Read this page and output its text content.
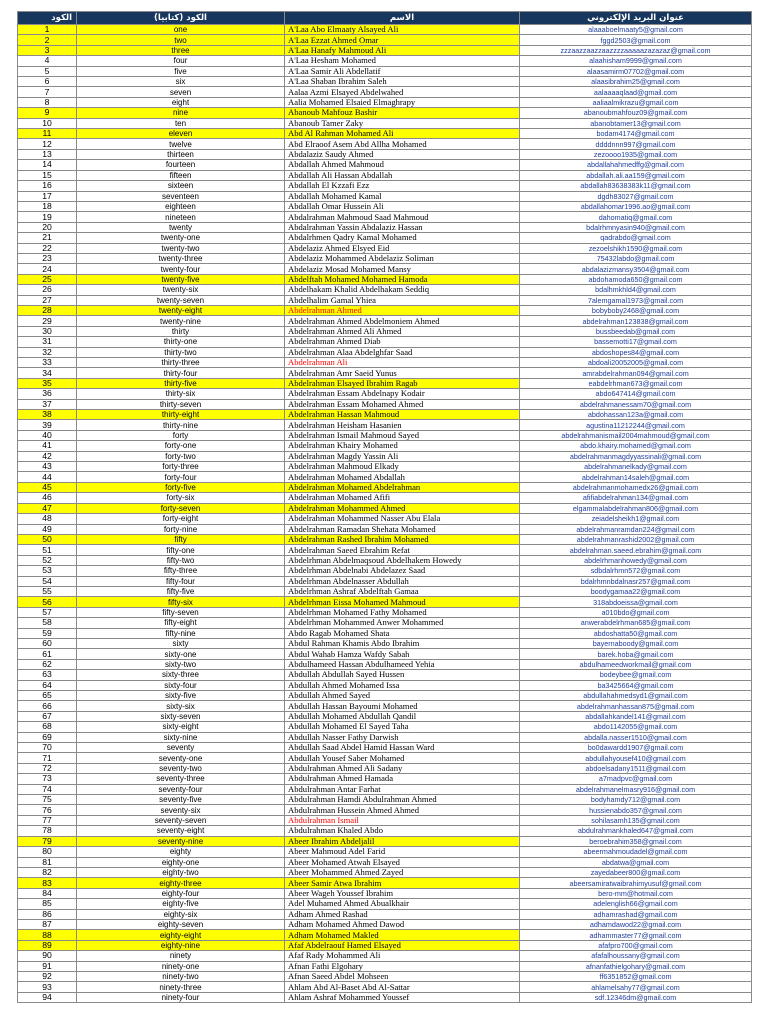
الكود	الكود (كتابيا)	الاسم	عنوان البريد الإلكتروني
1	one	A'Laa Abo Elmaaty Alsayed Ali	alaaaboelmaaty5@gmail.com
2	two	A'Laa Ezzat Ahmed Omar	fggd2503@gmail.com
3	three	A'Laa Hanafy Mahmoud Ali	zzzaazzaazzaazzzzaaaaazazazaz@gmail.com
4	four	A'Laa Hesham Mohamed	alaahisham9999@gmail.com
5	five	A'Laa Samir Ali Abdellatif	alaasamirm07702@gmail.com
6	six	A'Laa Shaban Ibrahim Saleh	alaasibrahim25@gmail.com
7	seven	Aalaa Azmi Elsayed Abdelwahed	aalaaaaqlaad@gmail.com
8	eight	Aalia Mohamed Elsaied Elmaghrapy	aaliaalmikrazu@gmail.com
9	nine	Abanoub Mahfouz Bashir	abanoubmahfouz09@gmail.com
10	ten	Abanoub Tamer Zaky	abanobtamer13@gmail.com
11	eleven	Abd Al Rahman Mohamed Ali	bodam4174@gmail.com
12	twelve	Abd Elraoof Asem Abd Allha Mohamed	ddddnnn997@gmail.com
13	thirteen	Abdalaziz Saudy Ahmed	zezoooo1935@gmail.com
14	fourteen	Abdallah Ahmed Mahmoud	abdallahahmedffg@gmail.com
15	fifteen	Abdallah Ali Hassan Abdallah	abdallah.ali.aa159@gmail.com
16	sixteen	Abdallah El Kzzafi Ezz	abdallah83638383k11@gmail.com
17	seventeen	Abdallah Mohamed Kamal	dgdh83027@gmail.com
18	eighteen	Abdallah Omar Hussein Ali	abdallahomar1996.ao@gmail.com
19	nineteen	Abdalrahman Mahmoud Saad Mahmoud	dahomatiq@gmail.com
20	twenty	Abdalrahman Yassin Abdalaziz Hassan	bdalrhmnyasin940@gmail.com
21	twenty-one	Abdalrhmen Qadry Kamal Mohamed	qadrabdo@gmail.com
22	twenty-two	Abdelaziz Ahmed Elsyed Eid	zezoelshikh1590@gmail.com
23	twenty-three	Abdelaziz Mohammed Abdelaziz Soliman	75432labdo@gmail.com
24	twenty-four	Abdelaziz Mosad Mohamed Mansy	abdalazizmansy3504@gmail.com
25	twenty-five	Abdelftah Mohamed Mohamed Hamoda	abdohamoda650@gmail.com
26	twenty-six	Abdelhakam Khalid Abdelhakam Seddiq	bdalhmkhld4@gmail.com
27	twenty-seven	Abdelhalim Gamal Yhiea	7alemgamal1973@gmail.com
28	twenty-eight	Abdelrahman Ahmed	bobyboby2468@gmail.com
29	twenty-nine	Abdelrahman Ahmed Abdelmoniem Ahmed	abdelrahman123838@gmail.com
30	thirty	Abdelrahman Ahmed Ali Ahmed	bussbeedab@gmail.com
31	thirty-one	Abdelrahman Ahmed Diab	bassemotti17@gmail.com
32	thirty-two	Abdelrahman Alaa Abdelghfar Saad	abdoshopes84@gmail.com
33	thirty-three	Abdelrahman Ali	abdoali20052005@gmail.com
34	thirty-four	Abdelrahman Amr Saeid Yunus	amrabdelrahman094@gmail.com
35	thirty-five	Abdelrahman Elsayed Ibrahim Ragab	eabdelrhman673@gmail.com
36	thirty-six	Abdelrahman Essam Abdelnapy Kodair	abdo647414@gmail.com
37	thirty-seven	Abdelrahman Essam Mohamed Ahmed	abdelrahmanessam70@gmail.com
38	thirty-eight	Abdelrahman Hassan Mahmoud	abdohassan123a@gmail.com
39	thirty-nine	Abdelrahman Heisham Hasanien	agustina11212244@gmail.com
40	forty	Abdelrahman Ismail Mahmoud Sayed	abdelrahmanismail2004mahmoud@gmail.com
41	forty-one	Abdelrahman Khairy Mohamed	abdo.khairy.mohamed@gmail.com
42	forty-two	Abdelrahman Magdy Yassin Ali	abdelrahmanmagdyyassinali@gmail.com
43	forty-three	Abdelrahman Mahmoud Elkady	abdelrahmanelkady@gmail.com
44	forty-four	Abdelrahman Mohamed Abdallah	abdelrahman14saleh@gmail.com
45	forty-five	Abdelrahman Mohamed Abdelrahman	abdelrahmanmohamedx26@gmail.com
46	forty-six	Abdelrahman Mohamed Afifi	afifiabdelrahman134@gmail.com
47	forty-seven	Abdelrahman Mohammed Ahmed	elgammalabdelrahman806@gmail.com
48	forty-eight	Abdelrahman Mohammed Nasser Abu Elala	zeiadelsheikh1@gmail.com
49	forty-nine	Abdelrahman Ramadan Shehata Mohamed	abdelrahmanramdan224@gmail.com
50	fifty	Abdelrahman Rashed Ibrahim Mohamed	abdelrahmanrashid2002@gmail.com
51	fifty-one	Abdelrahman Saeed Ebrahim Refat	abdelrahman.saeed.ebrahim@gmail.com
52	fifty-two	Abdelrhman Abdelmaqsoud Abdelhakem Howedy	abdelrhmanhowedy@gmail.com
53	fifty-three	Abdelrhman Abdelnabi Abdelazez Saad	sdbdalrhmn572@gmail.com
54	fifty-four	Abdelrhman Abdelnasser Abdullah	bdalrhmnbdalnasr257@gmail.com
55	fifty-five	Abdelrhman Ashraf Abdelftah Gamaa	boodygamaa22@gmail.com
56	fifty-six	Abdelrhman Eissa Mohamed Mahmoud	318abdoeissa@gmail.com
57	fifty-seven	Abdelrhman Mohamed Fathy Mohamed	a010bdo@gmail.com
58	fifty-eight	Abdelrhman Mohammed Anwer Mohammed	anwerabdelrhman685@gmail.com
59	fifty-nine	Abdo Ragab Mohamed Shata	abdoshatta50@gmail.com
60	sixty	Abdul Rahman Khamis Abdo Ibrahim	bayernaboody@gmail.com
61	sixty-one	Abdul Wahab Hamza Wafdy Sabah	barek.hoba@gmail.com
62	sixty-two	Abdulhameed Hassan Abdulhameed Yehia	abdulhameedworkmail@gmail.com
63	sixty-three	Abdullah Abdullah Sayed Hussen	bodeybee@gmail.com
64	sixty-four	Abdullah Ahmed Mohamed Issa	ba3425664@gmail.com
65	sixty-five	Abdullah Ahmed Sayed	abdullahahmedsyd1@gmail.com
66	sixty-six	Abdullah Hassan Bayoumi Mohamed	abdelrahmanhassan875@gmail.com
67	sixty-seven	Abdullah Mohamed Abdullah Qandil	abdallahkandel141@gmail.com
68	sixty-eight	Abdullah Mohamed El Sayed Taha	abdo1142055@gmail.com
69	sixty-nine	Abdullah Nasser Fathy Darwish	abdalla.nasser1510@gmail.com
70	seventy	Abdullah Saad Abdel Hamid Hassan Ward	bo0dawardd1907@gmail.com
71	seventy-one	Abdullah Yousef Saber Mohamed	abdullahyousef410@gmail.com
72	seventy-two	Abdulrahman Ahmed Ali Sadany	abdoelsadany1511@gmail.com
73	seventy-three	Abdulrahman Ahmed Hamada	a7madpvc@gmail.com
74	seventy-four	Abdulrahman Antar Farhat	abdelrahmanelmasry916@gmail.com
75	seventy-five	Abdulrahman Hamdi Abdulrahman Ahmed	bodyhamdy712@gmail.com
76	seventy-six	Abdulrahman Hussein Ahmed Ahmed	hussienabdo357@gmail.com
77	seventy-seven	Abdulrahman Ismail	sohilasamh135@gmail.com
78	seventy-eight	Abdulrahman Khaled Abdo	abdulrahmankhaled647@gmail.com
79	seventy-nine	Abeer Ibrahim Abdeljalil	beroebrahim358@gmail.com
80	eighty	Abeer Mahmoud Adel Farid	abeermahmoudadel@gmail.com
81	eighty-one	Abeer Mohamed Atwah Elsayed	abdatwa@gmail.com
82	eighty-two	Abeer Mohammed Ahmed Zayed	zayedabeer800@gmail.com
83	eighty-three	Abeer Samir Atwa Ibrahim	abeersamiratwaibrahimyusuf@gmail.com
84	eighty-four	Abeer Wageh Youssef Ibrahim	bero-mm@hotmail.com
85	eighty-five	Adel Muhamed Ahmed Abualkhair	adelenglish66@gmail.com
86	eighty-six	Adham Ahmed Rashad	adhamrashad@gmail.com
87	eighty-seven	Adham Mohamed Ahmed Dawod	adhamdawod22@gmail.com
88	eighty-eight	Adham Mohamed Makled	adhammaster77@gmail.com
89	eighty-nine	Afaf Abdelraouf Hamed Elsayed	afafpro700@gmail.com
90	ninety	Afaf Rady Mohammed Ali	afafalhoussany@gmail.com
91	ninety-one	Afnan Fathi Elgohary	afnanfathielgohary@gmail.com
92	ninety-two	Afnan Saeed Abdel Mohseen	ff6351852@gmail.com
93	ninety-three	Ahlam Abd Al-Baset Abd Al-Sattar	ahlamelsahy77@gmail.com
94	ninety-four	Ahlam Ashraf Mohammed Youssef	sdf.12346dm@gmail.com
